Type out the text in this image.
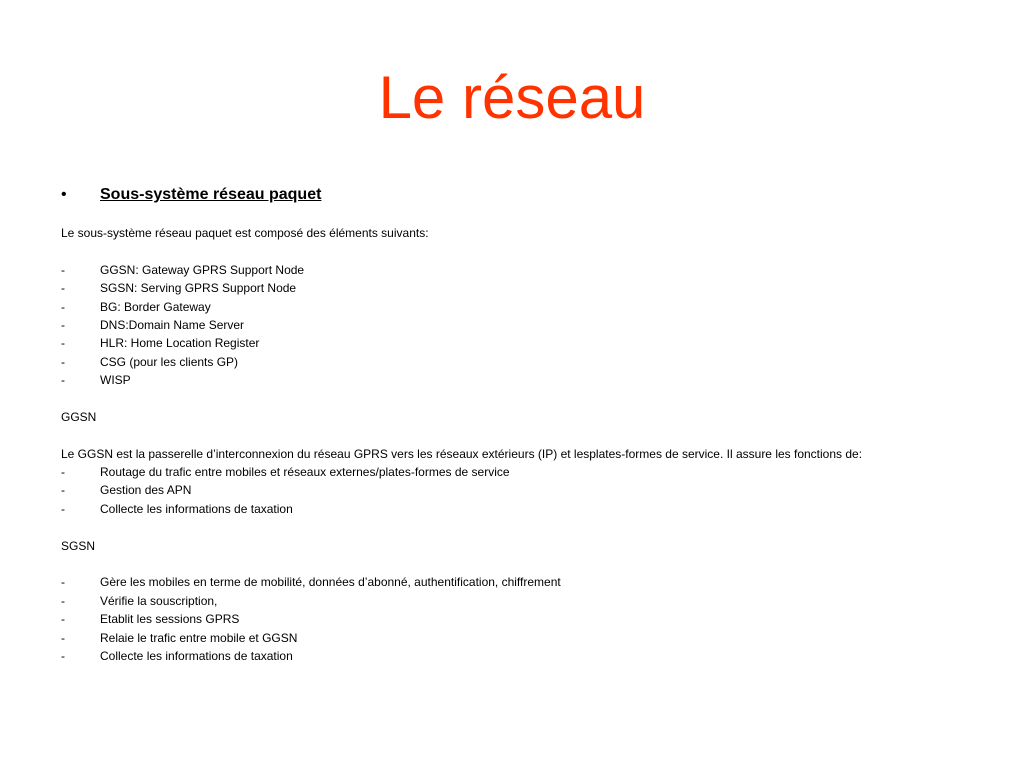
Le réseau
•	Sous-système réseau paquet
Le sous-système réseau paquet est composé des éléments suivants:
-	GGSN: Gateway GPRS Support Node
-	SGSN: Serving GPRS Support Node
-	BG: Border Gateway
-	DNS:Domain Name Server
-	HLR: Home Location Register
-	CSG (pour les clients GP)
-	WISP
GGSN
Le GGSN est la passerelle d’interconnexion du réseau GPRS vers les réseaux extérieurs (IP) et lesplates-formes de service. Il assure les fonctions de:
-	Routage du trafic entre mobiles et réseaux externes/plates-formes de service
-	Gestion des APN
-	Collecte les informations de taxation
SGSN
-	Gère les mobiles en terme de mobilité, données d’abonné, authentification, chiffrement
-	Vérifie la souscription,
-	Etablit les sessions GPRS
-	Relaie le trafic entre mobile et GGSN
-	Collecte les informations de taxation
